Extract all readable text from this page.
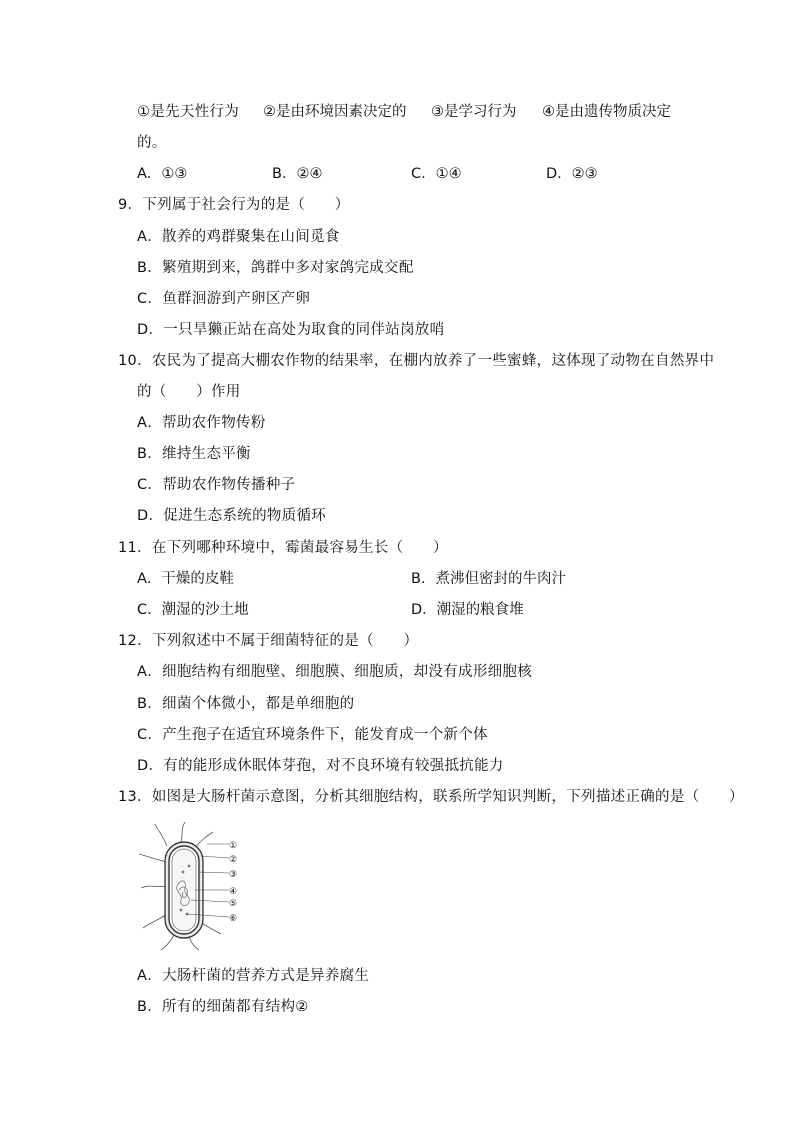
①是先天性行为 ②是由环境因素决定的 ③是学习行为 ④是由遗传物质决定
的。
A．①③	B．②④	C．①④	D．②③
9．下列属于社会行为的是（　　）
A．散养的鸡群聚集在山间觅食
B．繁殖期到来，鸽群中多对家鸽完成交配
C．鱼群洄游到产卵区产卵
D．一只旱獭正站在高处为取食的同伴站岗放哨
10．农民为了提高大棚农作物的结果率，在棚内放养了一些蜜蜂，这体现了动物在自然界中
的（　　）作用
A．帮助农作物传粉
B．维持生态平衡
C．帮助农作物传播种子
D．促进生态系统的物质循环
11．在下列哪种环境中，霉菌最容易生长（　　）
A．干燥的皮鞋	B．煮沸但密封的牛肉汁
C．潮湿的沙土地	D．潮湿的粮食堆
12．下列叙述中不属于细菌特征的是（　　）
A．细胞结构有细胞壁、细胞膜、细胞质，却没有成形细胞核
B．细菌个体微小，都是单细胞的
C．产生孢子在适宜环境条件下，能发育成一个新个体
D．有的能形成休眠体芽孢，对不良环境有较强抵抗能力
13．如图是大肠杆菌示意图，分析其细胞结构，联系所学知识判断，下列描述正确的是（　　）
①
②
③
④
⑤
⑥
A．大肠杆菌的营养方式是异养腐生
B．所有的细菌都有结构②
